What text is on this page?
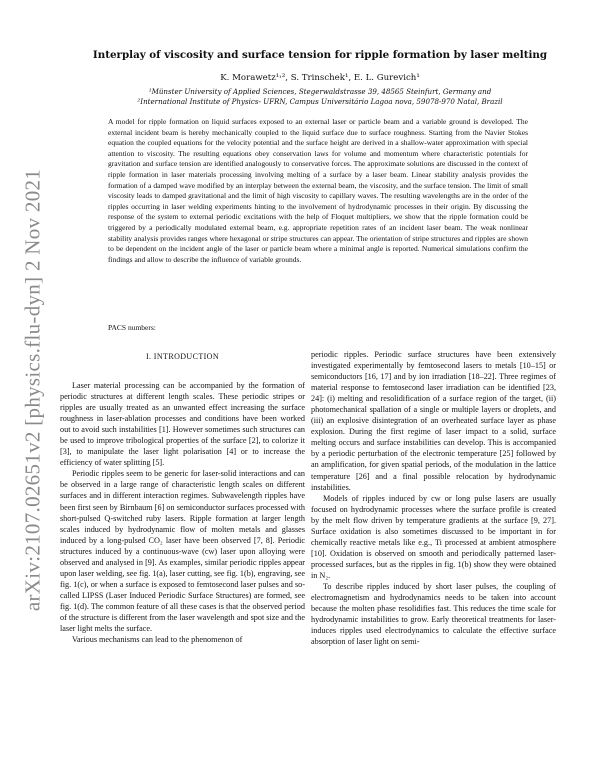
arXiv:2107.02651v2 [physics.flu-dyn] 2 Nov 2021
Interplay of viscosity and surface tension for ripple formation by laser melting
K. Morawetz¹˒², S. Trinschek¹, E. L. Gurevich¹
¹Münster University of Applied Sciences, Stegerwaldstrasse 39, 48565 Steinfurt, Germany and
²International Institute of Physics- UFRN, Campus Universitário Lagoa nova, 59078-970 Natal, Brazil
A model for ripple formation on liquid surfaces exposed to an external laser or particle beam and a variable ground is developed. The external incident beam is hereby mechanically coupled to the liquid surface due to surface roughness. Starting from the Navier Stokes equation the coupled equations for the velocity potential and the surface height are derived in a shallow-water approximation with special attention to viscosity. The resulting equations obey conservation laws for volume and momentum where characteristic potentials for gravitation and surface tension are identified analogously to conservative forces. The approximate solutions are discussed in the context of ripple formation in laser materials processing involving melting of a surface by a laser beam. Linear stability analysis provides the formation of a damped wave modified by an interplay between the external beam, the viscosity, and the surface tension. The limit of small viscosity leads to damped gravitational and the limit of high viscosity to capillary waves. The resulting wavelengths are in the order of the ripples occurring in laser welding experiments hinting to the involvement of hydrodynamic processes in their origin. By discussing the response of the system to external periodic excitations with the help of Floquet multipliers, we show that the ripple formation could be triggered by a periodically modulated external beam, e.g. appropriate repetition rates of an incident laser beam. The weak nonlinear stability analysis provides ranges where hexagonal or stripe structures can appear. The orientation of stripe structures and ripples are shown to be dependent on the incident angle of the laser or particle beam where a minimal angle is reported. Numerical simulations confirm the findings and allow to describe the influence of variable grounds.
PACS numbers:
I. INTRODUCTION

Laser material processing can be accompanied by the formation of periodic structures at different length scales. These periodic stripes or ripples are usually treated as an unwanted effect increasing the surface roughness in laser-ablation processes and conditions have been worked out to avoid such instabilities [1]. However sometimes such structures can be used to improve tribological properties of the surface [2], to colorize it [3], to manipulate the laser light polarisation [4] or to increase the efficiency of water splitting [5].

Periodic ripples seem to be generic for laser-solid interactions and can be observed in a large range of characteristic length scales on different surfaces and in different interaction regimes. Subwavelength ripples have been first seen by Birnbaum [6] on semiconductor surfaces processed with short-pulsed Q-switched ruby lasers. Ripple formation at larger length scales induced by hydrodynamic flow of molten metals and glasses induced by a long-pulsed CO₂ laser have been observed [7, 8]. Periodic structures induced by a continuous-wave (cw) laser upon alloying were observed and analysed in [9]. As examples, similar periodic ripples appear upon laser welding, see fig. 1(a), laser cutting, see fig. 1(b), engraving, see fig. 1(c), or when a surface is exposed to femtosecond laser pulses and so-called LIPSS (Laser Induced Periodic Surface Structures) are formed, see fig. 1(d). The common feature of all these cases is that the observed period of the structure is different from the laser wavelength and spot size and the laser light melts the surface.

Various mechanisms can lead to the phenomenon of

periodic ripples. Periodic surface structures have been extensively investigated experimentally by femtosecond lasers to metals [10–15] or semiconductors [16, 17] and by ion irradiation [18–22]. Three regimes of material response to femtosecond laser irradiation can be identified [23, 24]: (i) melting and resolidification of a surface region of the target, (ii) photomechanical spallation of a single or multiple layers or droplets, and (iii) an explosive disintegration of an overheated surface layer as phase explosion. During the first regime of laser impact to a solid, surface melting occurs and surface instabilities can develop. This is accompanied by a periodic perturbation of the electronic temperature [25] followed by an amplification, for given spatial periods, of the modulation in the lattice temperature [26] and a final possible relocation by hydrodynamic instabilities.

Models of ripples induced by cw or long pulse lasers are usually focused on hydrodynamic processes where the surface profile is created by the melt flow driven by temperature gradients at the surface [9, 27]. Surface oxidation is also sometimes discussed to be important in for chemically reactive metals like e.g., Ti processed at ambient atmosphere [10]. Oxidation is observed on smooth and periodically patterned laser-processed surfaces, but as the ripples in fig. 1(b) show they were obtained in N₂.

To describe ripples induced by short laser pulses, the coupling of electromagnetism and hydrodynamics needs to be taken into account because the molten phase resolidifies fast. This reduces the time scale for hydrodynamic instabilities to grow. Early theoretical treatments for laser-induces ripples used electrodynamics to calculate the effective surface absorption of laser light on semi-
